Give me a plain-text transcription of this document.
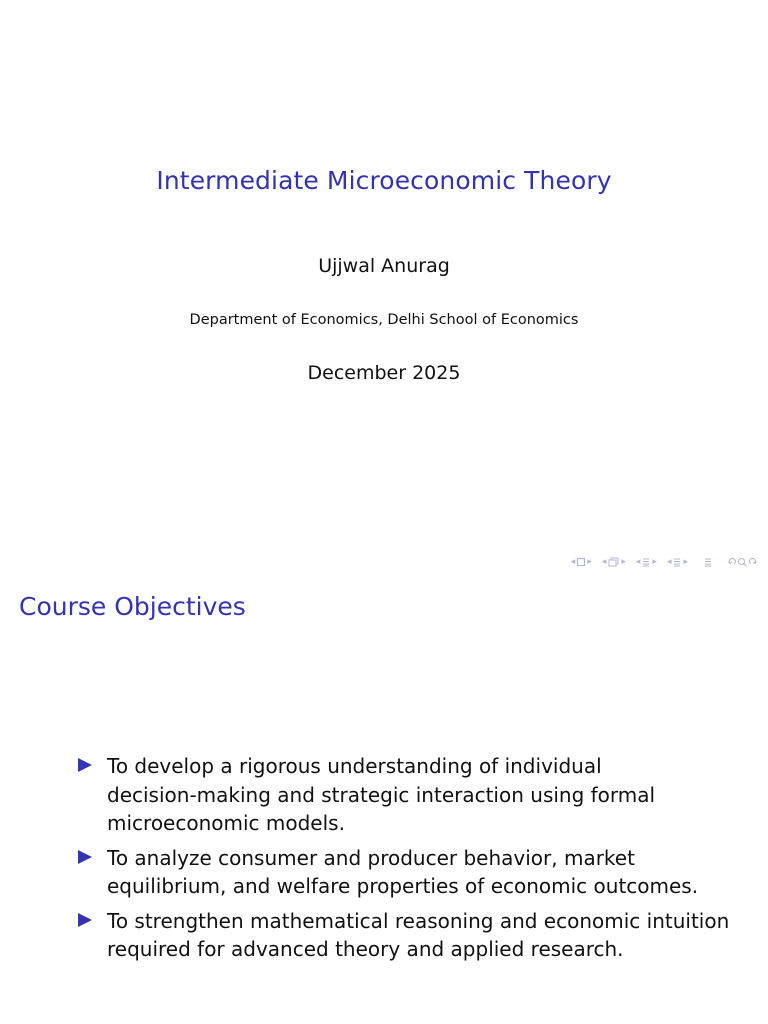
Intermediate Microeconomic Theory
Ujjwal Anurag
Department of Economics, Delhi School of Economics
December 2025
◂ ▸ ◂ ▸ ◂ ▸ ◂ ▸
Course Objectives
To develop a rigorous understanding of individual
decision-making and strategic interaction using formal
microeconomic models.
To analyze consumer and producer behavior, market
equilibrium, and welfare properties of economic outcomes.
To strengthen mathematical reasoning and economic intuition
required for advanced theory and applied research.
